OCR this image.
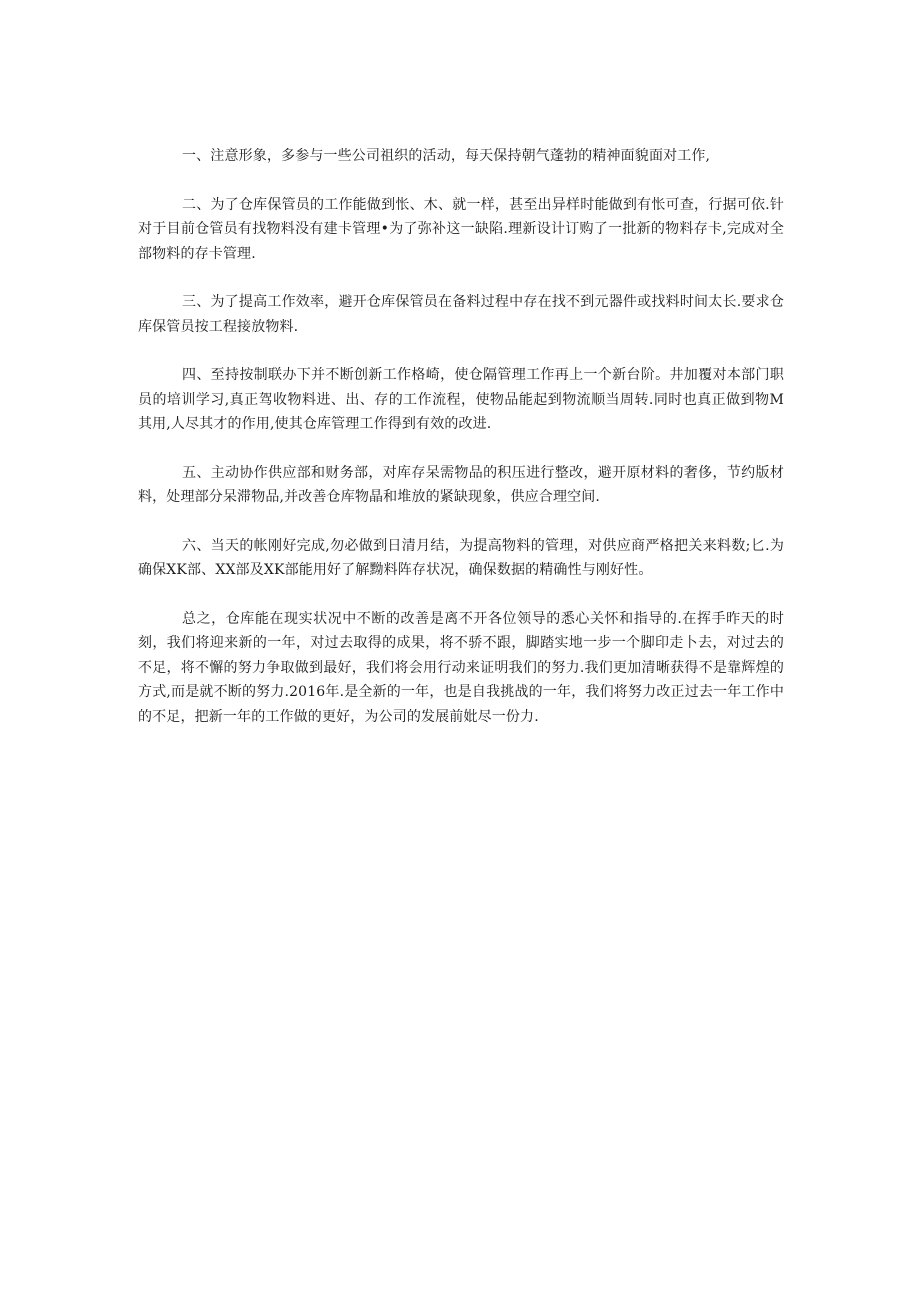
一、注意形象，多参与一些公司祖织的活动，每天保持朝气蓬勃的精神面貌面对工作,

二、为了仓库保管员的工作能做到怅、木、就一样，甚至出异样时能做到有怅可查，行据可依.针对于目前仓管员有找物料没有建卡管理•为了弥补这一缺陷.理新设计订购了一批新的物料存卡,完成对全部物料的存卡管理.

三、为了提高工作效率，避开仓库保管员在备料过程中存在找不到元器件或找料时间太长.要求仓库保管员按工程接放物料.

四、至持按制联办下并不断创新工作格崎，使仓隔管理工作再上一个新台阶。井加覆对本部门职员的培训学习,真正驾收物料进、出、存的工作流程，使物品能起到物流顺当周转.同时也真正做到物M其用,人尽其才的作用,使其仓库管理工作得到有效的改进.

五、主动协作供应部和财务部，对库存呆需物品的积压进行整改，避开原材料的奢侈，节约版材料，处理部分呆滞物品,并改善仓库物晶和堆放的紧缺现象，供应合理空间.

六、当天的帐刚好完成,勿必做到日清月结，为提高物料的管理，对供应商严格把关来料数;匕.为确保XK部、XX部及XK部能用好了解黝料阵存状况，确保数据的精确性与刚好性。

总之，仓库能在现实状况中不断的改善是离不开各位领导的悉心关怀和指导的.在挥手昨天的时刻，我们将迎来新的一年，对过去取得的成果，将不骄不跟，脚踏实地一步一个脚印走卜去，对过去的不足，将不懈的努力争取做到最好，我们将会用行动来证明我们的努力.我们更加清晰获得不是靠辉煌的方式,而是就不断的努力.2016年.是全新的一年，也是自我挑战的一年，我们将努力改正过去一年工作中的不足，把新一年的工作做的更好，为公司的发展前妣尽一份力.
